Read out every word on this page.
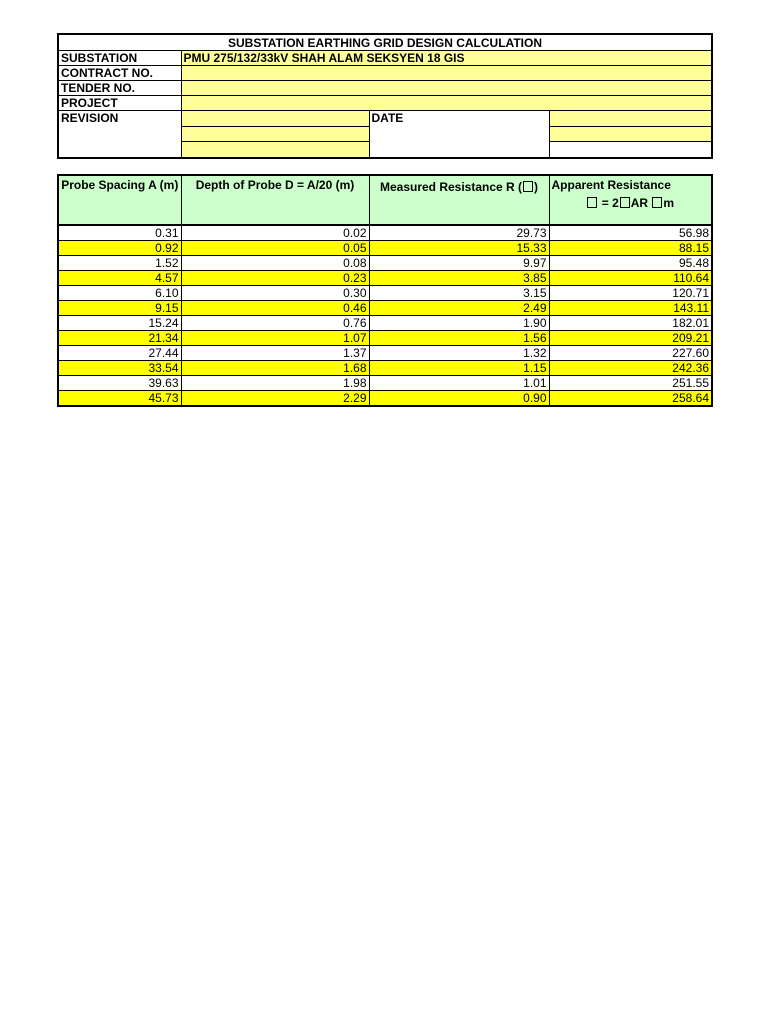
SUBSTATION EARTHING GRID DESIGN CALCULATION			
SUBSTATION	PMU 275/132/33kV SHAH ALAM SEKSYEN 18 GIS		
CONTRACT NO.			
TENDER NO.			
PROJECT			
REVISION		DATE	

Probe Spacing A (m)	Depth of Probe D = A/20 (m)	Measured Resistance R ( )	Apparent Resistance
= 2 AR m

0.31	0.02	29.73	56.98
0.92	0.05	15.33	88.15
1.52	0.08	9.97	95.48
4.57	0.23	3.85	110.64
6.10	0.30	3.15	120.71
9.15	0.46	2.49	143.11
15.24	0.76	1.90	182.01
21.34	1.07	1.56	209.21
27.44	1.37	1.32	227.60
33.54	1.68	1.15	242.36
39.63	1.98	1.01	251.55
45.73	2.29	0.90	258.64
